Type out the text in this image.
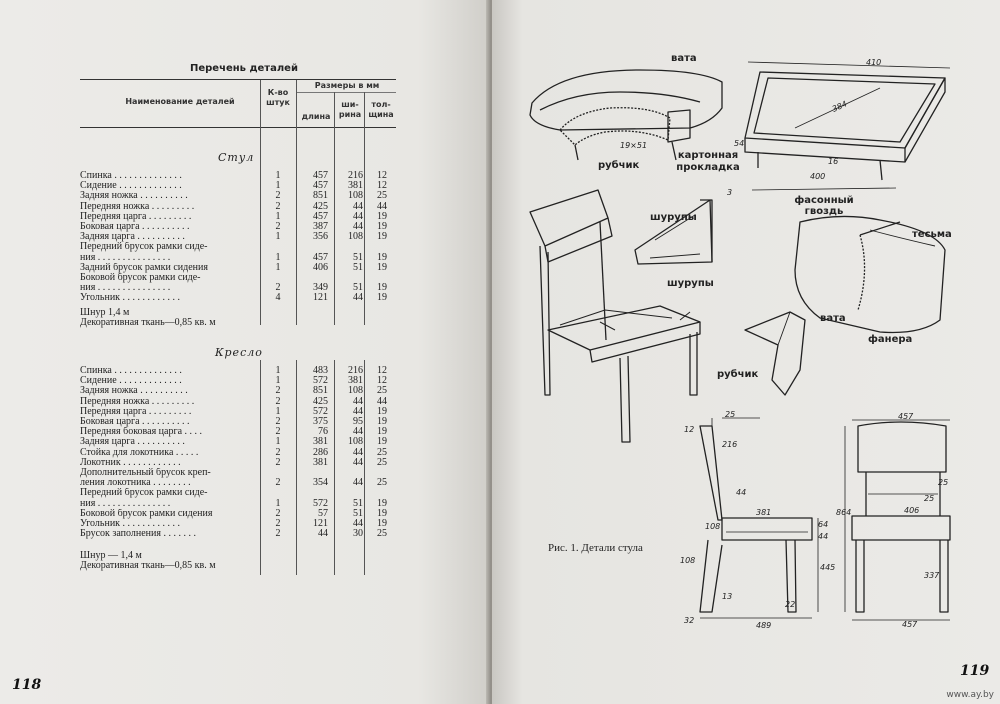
Перечень деталей
Наименование деталей
К-во штук
Размеры в мм
длина
ши- рина
тол- щина
Стул
Спинка . . . . . . . . . . . . . .	1	457	216	12
Сидение . . . . . . . . . . . . .	1	457	381	12
Задняя ножка . . . . . . . . . .	2	851	108	25
Передняя ножка . . . . . . . . .	2	425	44	44
Передняя царга . . . . . . . . .	1	457	44	19
Боковая царга . . . . . . . . . .	2	387	44	19
Задняя царга . . . . . . . . . .	1	356	108	19
Передний брусок рамки сиде-
ния . . . . . . . . . . . . . . .	1	457	51	19
Задний брусок рамки сидения	1	406	51	19
Боковой брусок рамки сиде-
ния . . . . . . . . . . . . . . .	2	349	51	19
Угольник . . . . . . . . . . . .	4	121	44	19
Шнур 1,4 м
Декоративная ткань—0,85 кв. м
Кресло
Спинка . . . . . . . . . . . . . .	1	483	216	12
Сидение . . . . . . . . . . . . .	1	572	381	12
Задняя ножка . . . . . . . . . .	2	851	108	25
Передняя ножка . . . . . . . . .	2	425	44	44
Передняя царга . . . . . . . . .	1	572	44	19
Боковая царга . . . . . . . . . .	2	375	95	19
Передняя боковая царга . . . .	2	76	44	19
Задняя царга . . . . . . . . . .	1	381	108	19
Стойка для локотника . . . . .	2	286	44	25
Локотник . . . . . . . . . . . .	2	381	44	25
Дополнительный брусок креп-
ления локотника . . . . . . . .	2	354	44	25
Передний брусок рамки сиде-
ния . . . . . . . . . . . . . . .	1	572	51	19
Боковой брусок рамки сидения	2	57	51	19
Угольник . . . . . . . . . . . .	2	121	44	19
Брусок заполнения . . . . . . .	2	44	30	25
Шнур — 1,4 м
Декоративная ткань—0,85 кв. м
118
вата
рубчик
картонная прокладка
шурупы
шурупы
фасонный гвоздь
тесьма
вата
фанера
рубчик
410
384
54
16
400
19×51
3
25
12
216
44
381
108	64
44
108
445
13
22
32
489
457
864
25
406
25
337
457
Рис. 1. Детали стула
119
www.ay.by
